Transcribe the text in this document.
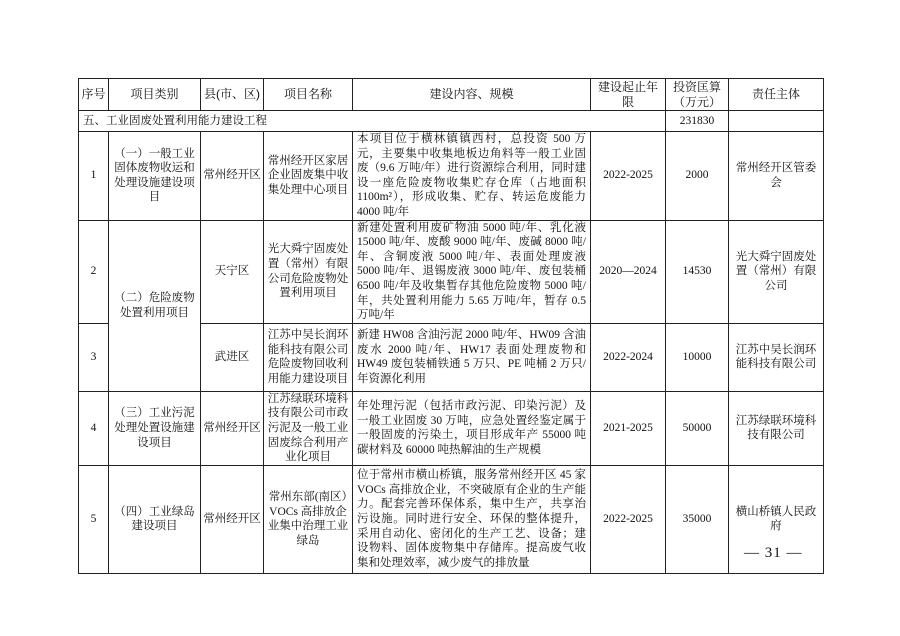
序号	项目类别	县(市、区)	项目名称	建设内容、规模	建设起止年限	投资匡算（万元）	责任主体
五、工业固废处置利用能力建设工程						231830	
1	（一）一般工业固体废物收运和处理设施建设项目	常州经开区	常州经开区家居企业固废集中收集处理中心项目	本项目位于横林镇镇西村，总投资 500 万元，主要集中收集地板边角料等一般工业固废（9.6 万吨/年）进行资源综合利用，同时建设一座危险废物收集贮存仓库（占地面积 1100m²），形成收集、贮存、转运危废能力 4000 吨/年	2022-2025	2000	常州经开区管委会
2	（二）危险废物处置利用项目	天宁区	光大舜宁固废处置（常州）有限公司危险废物处置利用项目	新建处置利用废矿物油 5000 吨/年、乳化液 15000 吨/年、废酸 9000 吨/年、废碱 8000 吨/年、含铜废液 5000 吨/年、表面处理废液 5000 吨/年、退锡废液 3000 吨/年、废包装桶 6500 吨/年及收集暂存其他危险废物 5000 吨/年，共处置利用能力 5.65 万吨/年，暂存 0.5 万吨/年	2020—2024	14530	光大舜宁固废处置（常州）有限公司
3		武进区	江苏中吴长润环能科技有限公司危险废物回收利用能力建设项目	新建 HW08 含油污泥 2000 吨/年、HW09 含油废水 2000 吨/年、HW17 表面处理废物和 HW49 废包装桶铁通 5 万只、PE 吨桶 2 万只/年资源化利用	2022-2024	10000	江苏中吴长润环能科技有限公司
4	（三）工业污泥处理处置设施建设项目	常州经开区	江苏绿联环境科技有限公司市政污泥及一般工业固废综合利用产业化项目	年处理污泥（包括市政污泥、印染污泥）及一般工业固废 30 万吨，应急处置经鉴定属于一般固废的污染土，项目形成年产 55000 吨碳材料及 60000 吨热解油的生产规模	2021-2025	50000	江苏绿联环境科技有限公司
5	（四）工业绿岛建设项目	常州经开区	常州东部(南区）VOCs 高排放企业集中治理工业绿岛	位于常州市横山桥镇，服务常州经开区 45 家 VOCs 高排放企业，不突破原有企业的生产能力。配套完善环保体系，集中生产，共享治污设施。同时进行安全、环保的整体提升，采用自动化、密闭化的生产工艺、设备；建设物料、固体废物集中存储库。提高废气收集和处理效率，减少废气的排放量	2022-2025	35000	横山桥镇人民政府
— 31 —
